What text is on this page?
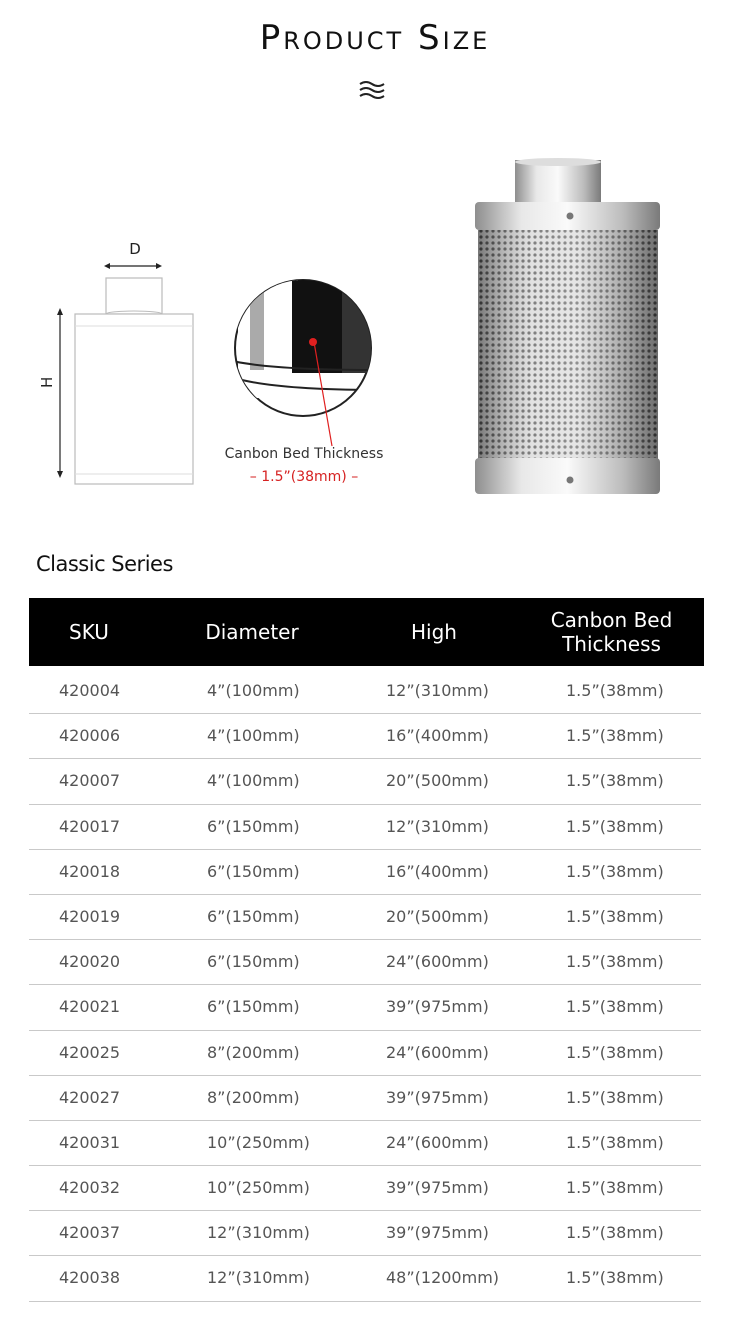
Product Size
D
H
Canbon Bed Thickness
– 1.5”(38mm) –
Classic Series
SKU	Diameter	High	Canbon Bed Thickness
420004	4”(100mm)	12”(310mm)	1.5”(38mm)
420006	4”(100mm)	16”(400mm)	1.5”(38mm)
420007	4”(100mm)	20”(500mm)	1.5”(38mm)
420017	6”(150mm)	12”(310mm)	1.5”(38mm)
420018	6”(150mm)	16”(400mm)	1.5”(38mm)
420019	6”(150mm)	20”(500mm)	1.5”(38mm)
420020	6”(150mm)	24”(600mm)	1.5”(38mm)
420021	6”(150mm)	39”(975mm)	1.5”(38mm)
420025	8”(200mm)	24”(600mm)	1.5”(38mm)
420027	8”(200mm)	39”(975mm)	1.5”(38mm)
420031	10”(250mm)	24”(600mm)	1.5”(38mm)
420032	10”(250mm)	39”(975mm)	1.5”(38mm)
420037	12”(310mm)	39”(975mm)	1.5”(38mm)
420038	12”(310mm)	48”(1200mm)	1.5”(38mm)
